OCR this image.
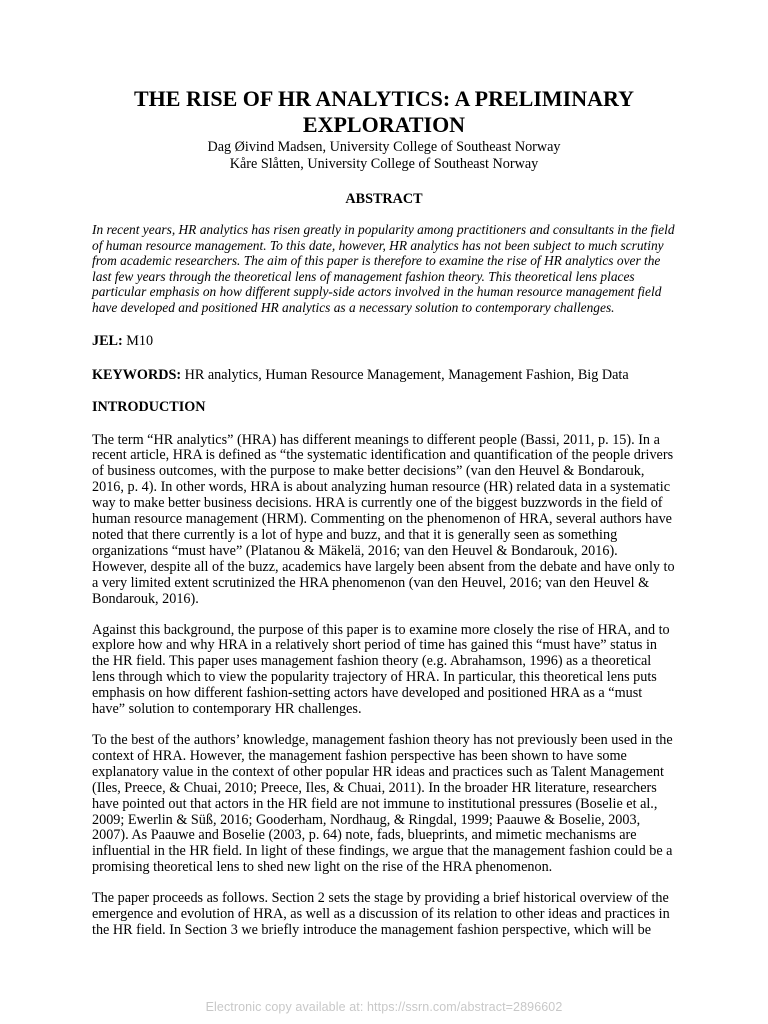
THE RISE OF HR ANALYTICS: A PRELIMINARY
EXPLORATION
Dag Øivind Madsen, University College of Southeast Norway
Kåre Slåtten, University College of Southeast Norway
ABSTRACT
In recent years, HR analytics has risen greatly in popularity among practitioners and consultants in the field of human resource management. To this date, however, HR analytics has not been subject to much scrutiny from academic researchers. The aim of this paper is therefore to examine the rise of HR analytics over the last few years through the theoretical lens of management fashion theory. This theoretical lens places particular emphasis on how different supply-side actors involved in the human resource management field have developed and positioned HR analytics as a necessary solution to contemporary challenges.
JEL: M10
KEYWORDS: HR analytics, Human Resource Management, Management Fashion, Big Data
INTRODUCTION
The term “HR analytics” (HRA) has different meanings to different people (Bassi, 2011, p. 15). In a recent article, HRA is defined as “the systematic identification and quantification of the people drivers of business outcomes, with the purpose to make better decisions” (van den Heuvel & Bondarouk, 2016, p. 4). In other words, HRA is about analyzing human resource (HR) related data in a systematic way to make better business decisions. HRA is currently one of the biggest buzzwords in the field of human resource management (HRM). Commenting on the phenomenon of HRA, several authors have noted that there currently is a lot of hype and buzz, and that it is generally seen as something organizations “must have” (Platanou & Mäkelä, 2016; van den Heuvel & Bondarouk, 2016). However, despite all of the buzz, academics have largely been absent from the debate and have only to a very limited extent scrutinized the HRA phenomenon (van den Heuvel, 2016; van den Heuvel & Bondarouk, 2016).
Against this background, the purpose of this paper is to examine more closely the rise of HRA, and to explore how and why HRA in a relatively short period of time has gained this “must have” status in the HR field. This paper uses management fashion theory (e.g. Abrahamson, 1996) as a theoretical lens through which to view the popularity trajectory of HRA. In particular, this theoretical lens puts emphasis on how different fashion-setting actors have developed and positioned HRA as a “must have” solution to contemporary HR challenges.
To the best of the authors’ knowledge, management fashion theory has not previously been used in the context of HRA. However, the management fashion perspective has been shown to have some explanatory value in the context of other popular HR ideas and practices such as Talent Management (Iles, Preece, & Chuai, 2010; Preece, Iles, & Chuai, 2011). In the broader HR literature, researchers have pointed out that actors in the HR field are not immune to institutional pressures (Boselie et al., 2009; Ewerlin & Süß, 2016; Gooderham, Nordhaug, & Ringdal, 1999; Paauwe & Boselie, 2003, 2007). As Paauwe and Boselie (2003, p. 64) note, fads, blueprints, and mimetic mechanisms are influential in the HR field. In light of these findings, we argue that the management fashion could be a promising theoretical lens to shed new light on the rise of the HRA phenomenon.
The paper proceeds as follows. Section 2 sets the stage by providing a brief historical overview of the emergence and evolution of HRA, as well as a discussion of its relation to other ideas and practices in the HR field. In Section 3 we briefly introduce the management fashion perspective, which will be
Electronic copy available at: https://ssrn.com/abstract=2896602
